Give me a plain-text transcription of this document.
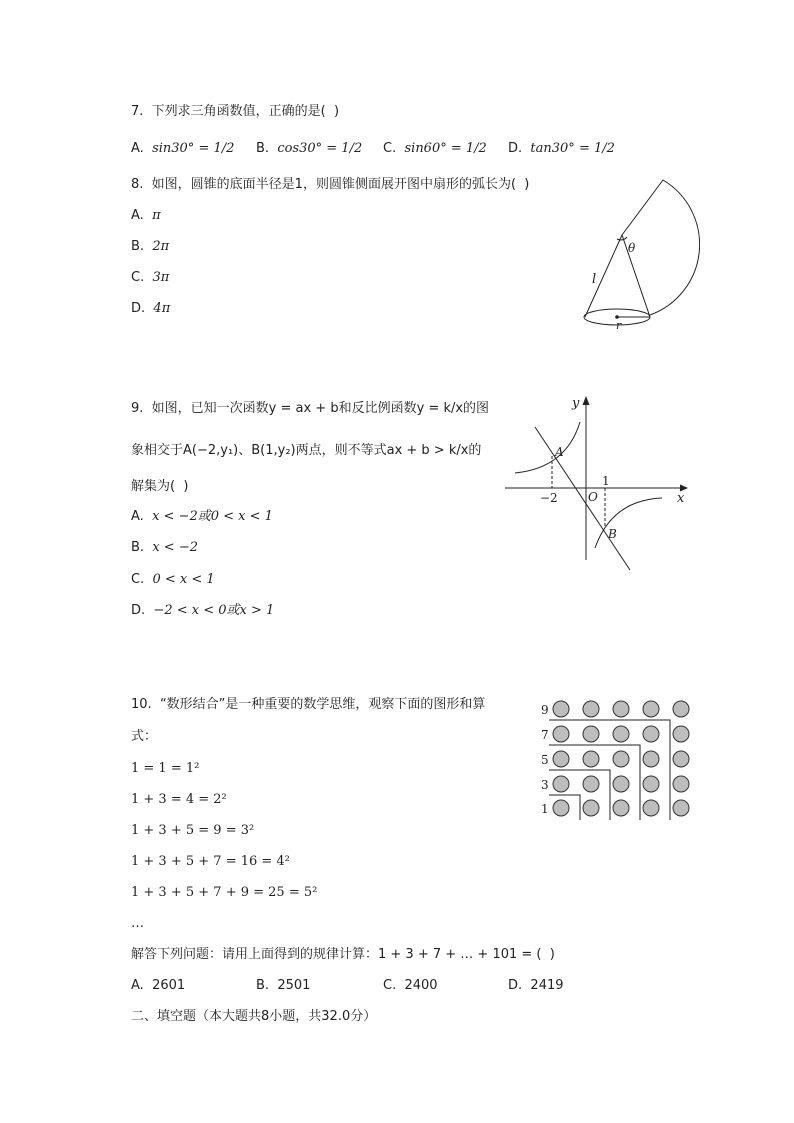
7.  下列求三角函数值，正确的是(  )
A. sin30° = 1/2 B. cos30° = 1/2 C. sin60° = 1/2 D. tan30° = 1/2
8.  如图，圆锥的底面半径是1，则圆锥侧面展开图中扇形的弧长为(  )
A. π
B. 2π
C. 3π
D. 4π
θ
l
r
9.  如图，已知一次函数y = ax + b和反比例函数y = k/x的图
象相交于A(−2,y₁)、B(1,y₂)两点，则不等式ax + b > k/x的
解集为(  )
A. x < −2或0 < x < 1
B. x < −2
C. 0 < x < 1
D. −2 < x < 0或x > 1
y
x
A
B
O
−2
1
10.  “数形结合”是一种重要的数学思维，观察下面的图形和算
式：
1 = 1 = 1²
1 + 3 = 4 = 2²
1 + 3 + 5 = 9 = 3²
1 + 3 + 5 + 7 = 16 = 4²
1 + 3 + 5 + 7 + 9 = 25 = 5²
…
解答下列问题：请用上面得到的规律计算：1 + 3 + 7 + … + 101 = (  )
A. 2601	B. 2501	C. 2400	D. 2419
9
7
5
3
1
二、填空题（本大题共8小题，共32.0分）
